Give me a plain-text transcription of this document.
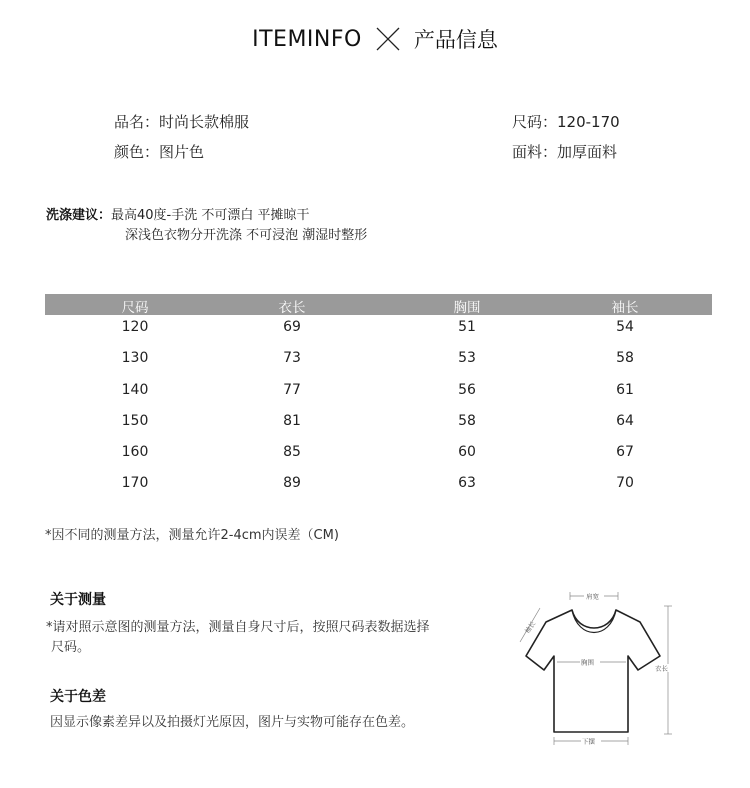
ITEMINFO 产品信息
品名：时尚长款棉服
颜色：图片色
尺码：120-170
面料：加厚面料
洗涤建议：最高40度-手洗 不可漂白 平摊晾干
深浅色衣物分开洗涤 不可浸泡 潮湿时整形
尺码	衣长	胸围	袖长
120	69	51	54
130	73	53	58
140	77	56	61
150	81	58	64
160	85	60	67
170	89	63	70
*因不同的测量方法，测量允许2-4cm内误差（CM)
关于测量
*请对照示意图的测量方法，测量自身尺寸后，按照尺码表数据选择
尺码。
关于色差
因显示像素差异以及拍摄灯光原因，图片与实物可能存在色差。
肩宽
袖长
胸围
衣长
下摆
